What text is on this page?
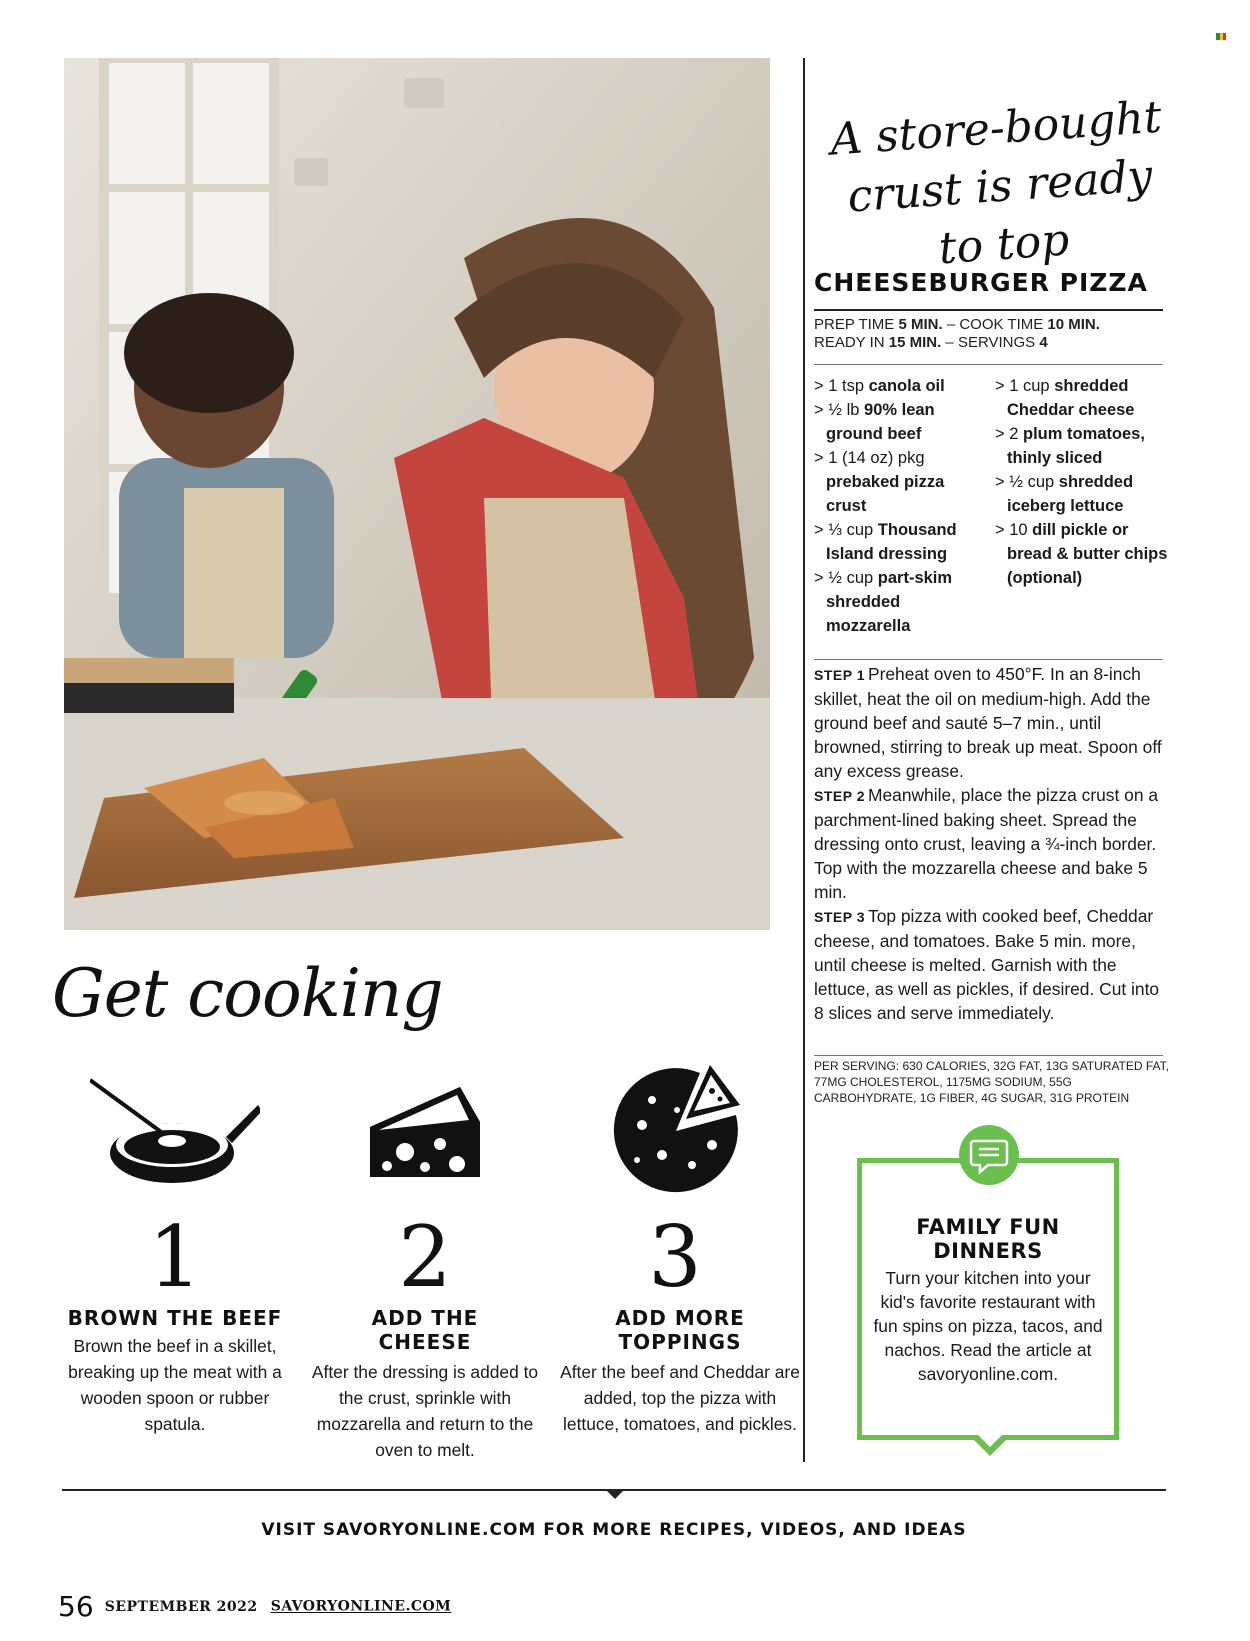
A store-bought
crust is ready to top
CHEESEBURGER PIZZA
PREP TIME 5 MIN. – COOK TIME 10 MIN.
READY IN 15 MIN. – SERVINGS 4
> 1 tsp canola oil
> ½ lb 90% lean ground beef
> 1 (14 oz) pkg prebaked pizza crust
> ⅓ cup Thousand Island dressing
> ½ cup part-skim shredded mozzarella
> 1 cup shredded Cheddar cheese
> 2 plum tomatoes, thinly sliced
> ½ cup shredded iceberg lettuce
> 10 dill pickle or bread & butter chips (optional)

STEP 1 Preheat oven to 450°F. In an 8-inch skillet, heat the oil on medium-high. Add the ground beef and sauté 5–7 min., until browned, stirring to break up meat. Spoon off any excess grease.

STEP 2 Meanwhile, place the pizza crust on a parchment-lined baking sheet. Spread the dressing onto crust, leaving a ¾-inch border. Top with the mozzarella cheese and bake 5 min.

STEP 3 Top pizza with cooked beef, Cheddar cheese, and tomatoes. Bake 5 min. more, until cheese is melted. Garnish with the lettuce, as well as pickles, if desired. Cut into 8 slices and serve immediately.

PER SERVING: 630 CALORIES, 32G FAT, 13G SATURATED FAT, 77MG CHOLESTEROL, 1175MG SODIUM, 55G CARBOHYDRATE, 1G FIBER, 4G SUGAR, 31G PROTEIN
FAMILY FUN DINNERS
Turn your kitchen into your kid's favorite restaurant with fun spins on pizza, tacos, and nachos. Read the article at savoryonline.com.
Get cooking
1
BROWN THE BEEF
Brown the beef in a skillet, breaking up the meat with a wooden spoon or rubber spatula.
2
ADD THE CHEESE
After the dressing is added to the crust, sprinkle with mozzarella and return to the oven to melt.
3
ADD MORE TOPPINGS
After the beef and Cheddar are added, top the pizza with lettuce, tomatoes, and pickles.
VISIT SAVORYONLINE.COM FOR MORE RECIPES, VIDEOS, AND IDEAS
56 SEPTEMBER 2022 SAVORYONLINE.COM
